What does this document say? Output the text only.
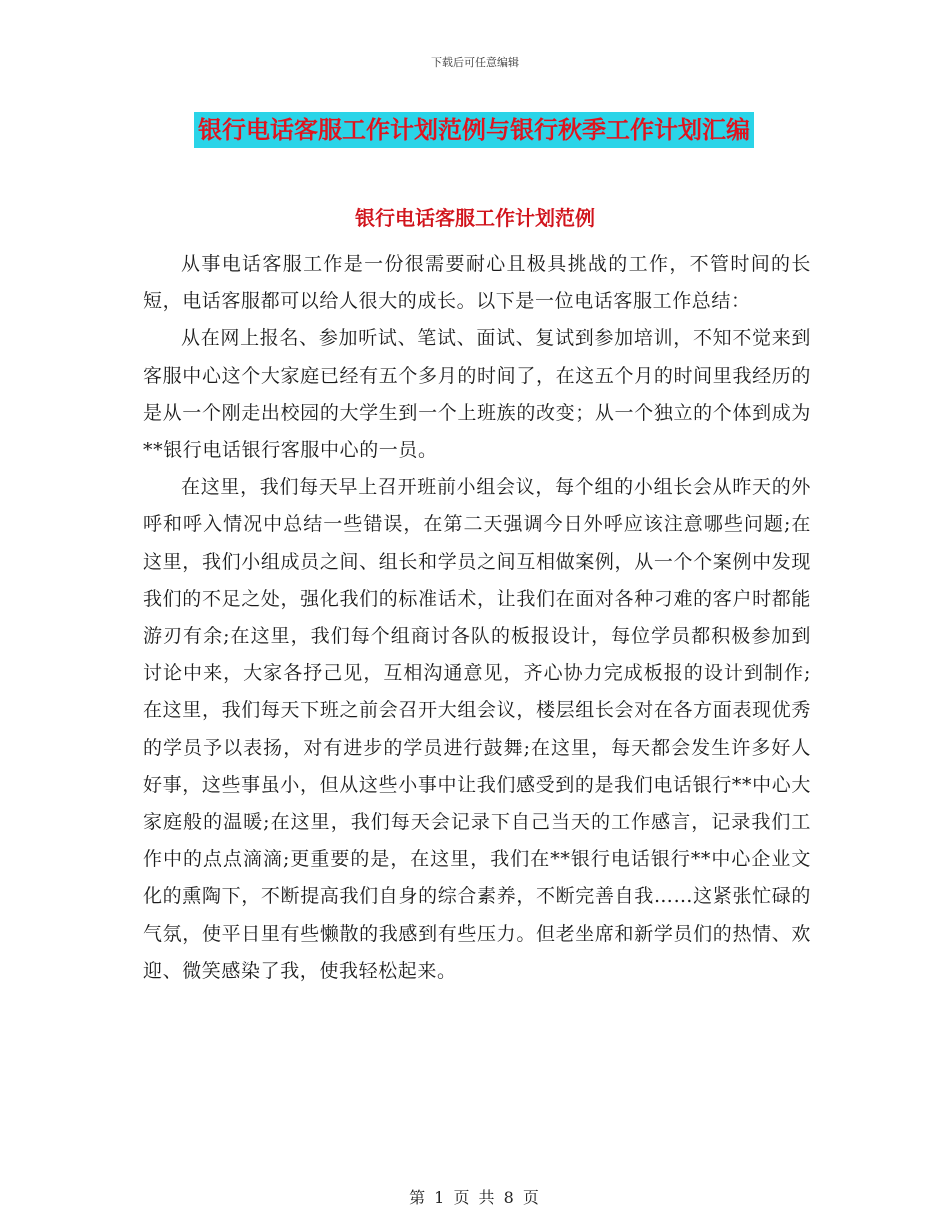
下载后可任意编辑
银行电话客服工作计划范例与银行秋季工作计划汇编
银行电话客服工作计划范例

从事电话客服工作是一份很需要耐心且极具挑战的工作，不管时间的长短，电话客服都可以给人很大的成长。以下是一位电话客服工作总结：

从在网上报名、参加听试、笔试、面试、复试到参加培训，不知不觉来到客服中心这个大家庭已经有五个多月的时间了，在这五个月的时间里我经历的是从一个刚走出校园的大学生到一个上班族的改变；从一个独立的个体到成为**银行电话银行客服中心的一员。

在这里，我们每天早上召开班前小组会议，每个组的小组长会从昨天的外呼和呼入情况中总结一些错误，在第二天强调今日外呼应该注意哪些问题;在这里，我们小组成员之间、组长和学员之间互相做案例，从一个个案例中发现我们的不足之处，强化我们的标准话术，让我们在面对各种刁难的客户时都能游刃有余;在这里，我们每个组商讨各队的板报设计，每位学员都积极参加到讨论中来，大家各抒己见，互相沟通意见，齐心协力完成板报的设计到制作;在这里，我们每天下班之前会召开大组会议，楼层组长会对在各方面表现优秀的学员予以表扬，对有进步的学员进行鼓舞;在这里，每天都会发生许多好人好事，这些事虽小，但从这些小事中让我们感受到的是我们电话银行**中心大家庭般的温暖;在这里，我们每天会记录下自己当天的工作感言，记录我们工作中的点点滴滴;更重要的是，在这里，我们在**银行电话银行**中心企业文化的熏陶下，不断提高我们自身的综合素养，不断完善自我……这紧张忙碌的气氛，使平日里有些懒散的我感到有些压力。但老坐席和新学员们的热情、欢迎、微笑感染了我，使我轻松起来。

第 1 页 共 8 页
